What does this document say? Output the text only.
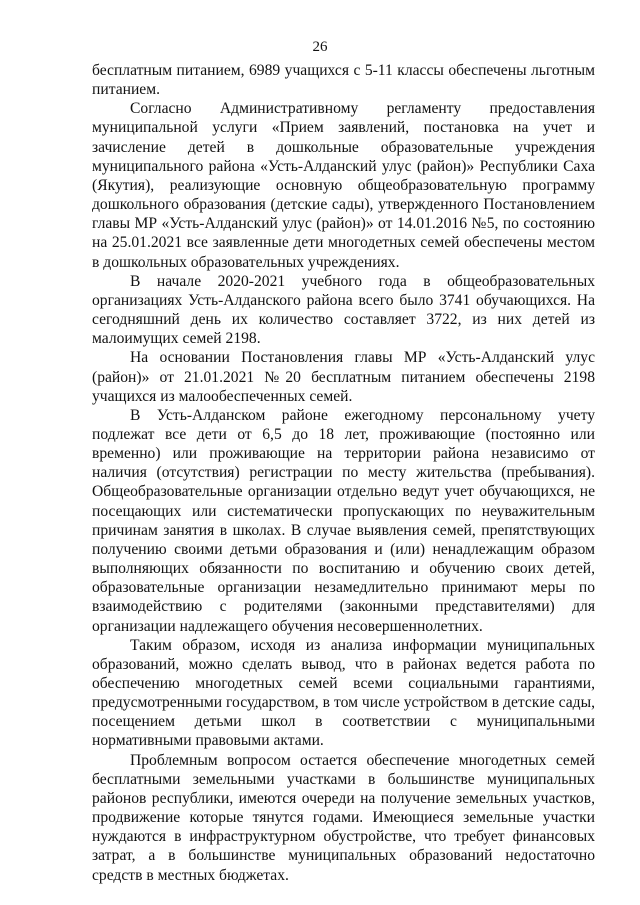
26

бесплатным питанием, 6989 учащихся с 5-11 классы обеспечены льготным питанием.

Согласно Административному регламенту предоставления муниципальной услуги «Прием заявлений, постановка на учет и зачисление детей в дошкольные образовательные учреждения муниципального района «Усть-Алданский улус (район)» Республики Саха (Якутия), реализующие основную общеобразовательную программу дошкольного образования (детские сады), утвержденного Постановлением главы МР «Усть-Алданский улус (район)» от 14.01.2016 №5, по состоянию на 25.01.2021 все заявленные дети многодетных семей обеспечены местом в дошкольных образовательных учреждениях.

В начале 2020-2021 учебного года в общеобразовательных организациях Усть-Алданского района всего было 3741 обучающихся. На сегодняшний день их количество составляет 3722, из них детей из малоимущих семей 2198.

На основании Постановления главы МР «Усть-Алданский улус (район)» от 21.01.2021 №20 бесплатным питанием обеспечены 2198 учащихся из малообеспеченных семей.

В Усть-Алданском районе ежегодному персональному учету подлежат все дети от 6,5 до 18 лет, проживающие (постоянно или временно) или проживающие на территории района независимо от наличия (отсутствия) регистрации по месту жительства (пребывания). Общеобразовательные организации отдельно ведут учет обучающихся, не посещающих или систематически пропускающих по неуважительным причинам занятия в школах. В случае выявления семей, препятствующих получению своими детьми образования и (или) ненадлежащим образом выполняющих обязанности по воспитанию и обучению своих детей, образовательные организации незамедлительно принимают меры по взаимодействию с родителями (законными представителями) для организации надлежащего обучения несовершеннолетних.

Таким образом, исходя из анализа информации муниципальных образований, можно сделать вывод, что в районах ведется работа по обеспечению многодетных семей всеми социальными гарантиями, предусмотренными государством, в том числе устройством в детские сады, посещением детьми школ в соответствии с муниципальными нормативными правовыми актами.

Проблемным вопросом остается обеспечение многодетных семей бесплатными земельными участками в большинстве муниципальных районов республики, имеются очереди на получение земельных участков, продвижение которые тянутся годами. Имеющиеся земельные участки нуждаются в инфраструктурном обустройстве, что требует финансовых затрат, а в большинстве муниципальных образований недостаточно средств в местных бюджетах.
